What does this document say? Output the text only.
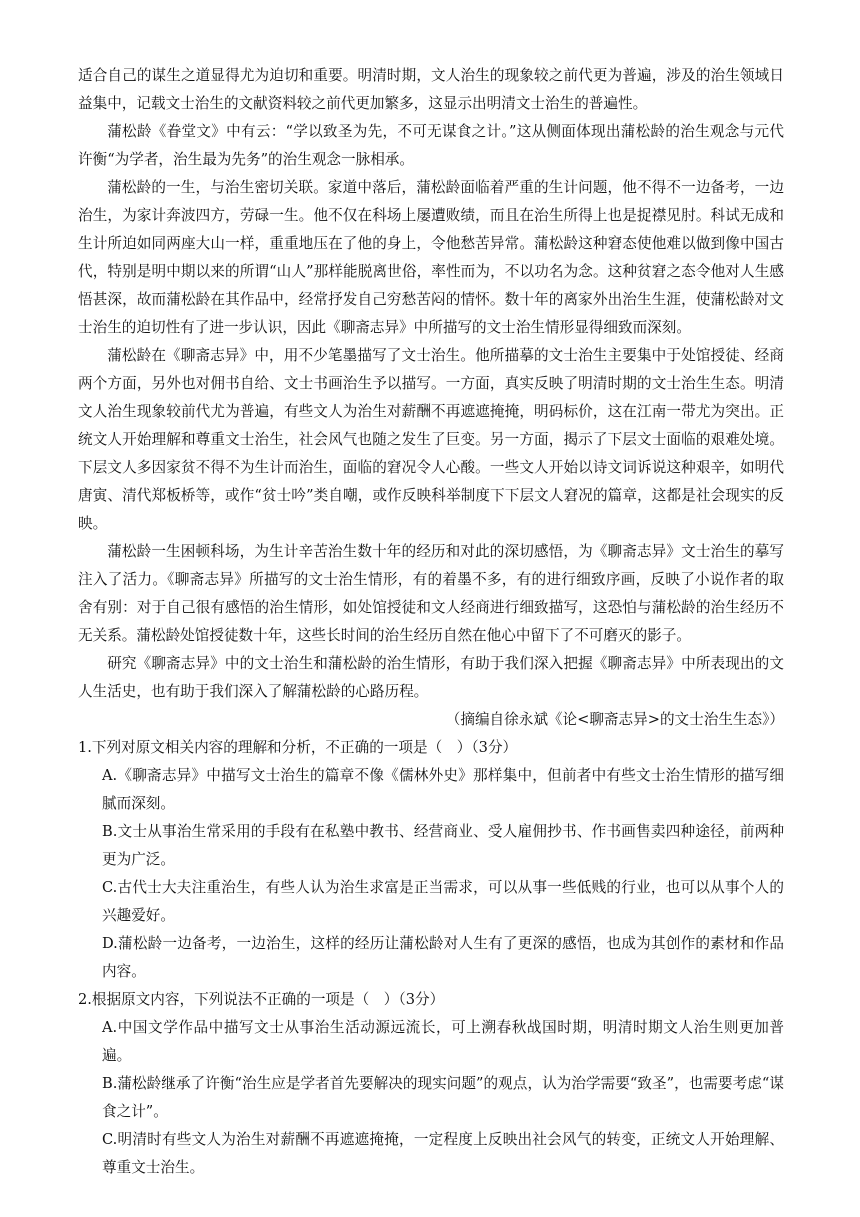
适合自己的谋生之道显得尤为迫切和重要。明清时期，文人治生的现象较之前代更为普遍，涉及的治生领域日益集中，记载文士治生的文献资料较之前代更加繁多，这显示出明清文士治生的普遍性。

蒲松龄《眷堂文》中有云：“学以致圣为先，不可无谋食之计。”这从侧面体现出蒲松龄的治生观念与元代许衡“为学者，治生最为先务”的治生观念一脉相承。

蒲松龄的一生，与治生密切关联。家道中落后，蒲松龄面临着严重的生计问题，他不得不一边备考，一边治生，为家计奔波四方，劳碌一生。他不仅在科场上屡遭败绩，而且在治生所得上也是捉襟见肘。科试无成和生计所迫如同两座大山一样，重重地压在了他的身上，令他愁苦异常。蒲松龄这种窘态使他难以做到像中国古代，特别是明中期以来的所谓“山人”那样能脱离世俗，率性而为，不以功名为念。这种贫窘之态令他对人生感悟甚深，故而蒲松龄在其作品中，经常抒发自己穷愁苦闷的情怀。数十年的离家外出治生生涯，使蒲松龄对文士治生的迫切性有了进一步认识，因此《聊斋志异》中所描写的文士治生情形显得细致而深刻。

蒲松龄在《聊斋志异》中，用不少笔墨描写了文士治生。他所描摹的文士治生主要集中于处馆授徒、经商两个方面，另外也对佣书自给、文士书画治生予以描写。一方面，真实反映了明清时期的文士治生生态。明清文人治生现象较前代尤为普遍，有些文人为治生对薪酬不再遮遮掩掩，明码标价，这在江南一带尤为突出。正统文人开始理解和尊重文士治生，社会风气也随之发生了巨变。另一方面，揭示了下层文士面临的艰难处境。下层文人多因家贫不得不为生计而治生，面临的窘况令人心酸。一些文人开始以诗文词诉说这种艰辛，如明代唐寅、清代郑板桥等，或作“贫士吟”类自嘲，或作反映科举制度下下层文人窘况的篇章，这都是社会现实的反映。

蒲松龄一生困顿科场，为生计辛苦治生数十年的经历和对此的深切感悟，为《聊斋志异》文士治生的摹写注入了活力。《聊斋志异》所描写的文士治生情形，有的着墨不多，有的进行细致序画，反映了小说作者的取舍有别：对于自己很有感悟的治生情形，如处馆授徒和文人经商进行细致描写，这恐怕与蒲松龄的治生经历不无关系。蒲松龄处馆授徒数十年，这些长时间的治生经历自然在他心中留下了不可磨灭的影子。

研究《聊斋志异》中的文士治生和蒲松龄的治生情形，有助于我们深入把握《聊斋志异》中所表现出的文人生活史，也有助于我们深入了解蒲松龄的心路历程。

（摘编自徐永斌《论<聊斋志异>的文士治生生态》）

1.下列对原文相关内容的理解和分析，不正确的一项是（　）（3分）

A.《聊斋志异》中描写文士治生的篇章不像《儒林外史》那样集中，但前者中有些文士治生情形的描写细腻而深刻。

B.文士从事治生常采用的手段有在私塾中教书、经营商业、受人雇佣抄书、作书画售卖四种途径，前两种更为广泛。

C.古代士大夫注重治生，有些人认为治生求富是正当需求，可以从事一些低贱的行业，也可以从事个人的兴趣爱好。

D.蒲松龄一边备考，一边治生，这样的经历让蒲松龄对人生有了更深的感悟，也成为其创作的素材和作品内容。

2.根据原文内容，下列说法不正确的一项是（　）（3分）

A.中国文学作品中描写文士从事治生活动源远流长，可上溯春秋战国时期，明清时期文人治生则更加普遍。

B.蒲松龄继承了许衡“治生应是学者首先要解决的现实问题”的观点，认为治学需要“致圣”，也需要考虑“谋食之计”。

C.明清时有些文人为治生对薪酬不再遮遮掩掩，一定程度上反映出社会风气的转变，正统文人开始理解、尊重文士治生。
